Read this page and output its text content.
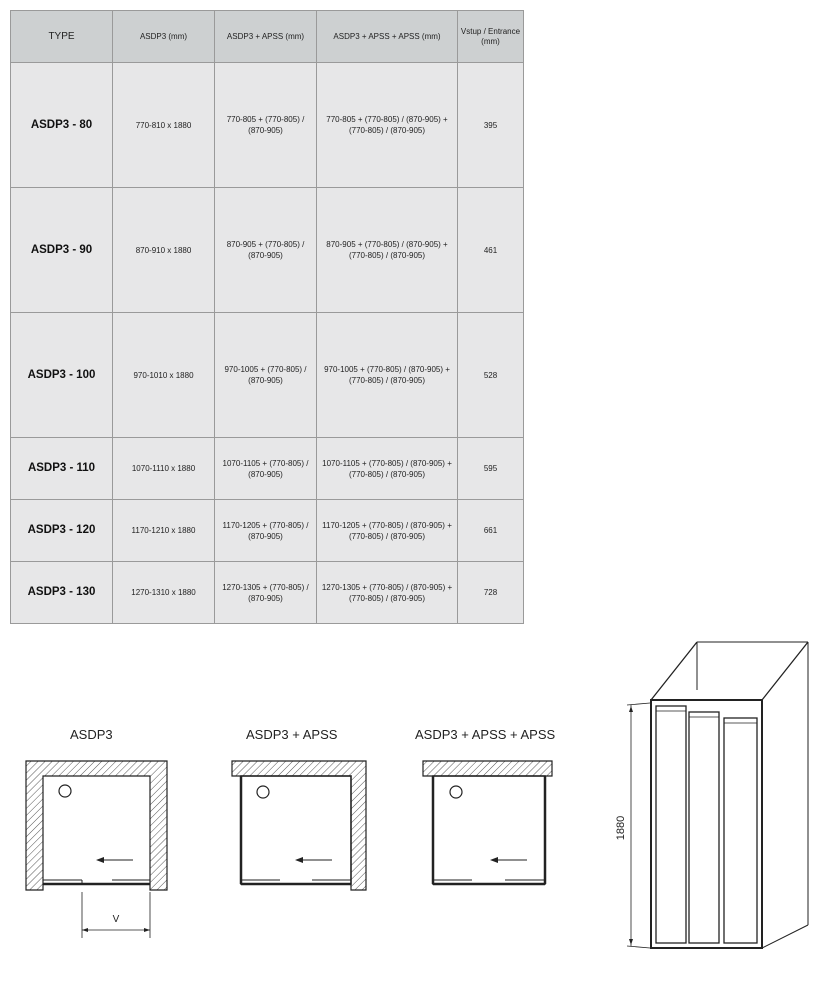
TYPE	ASDP3 (mm)	ASDP3 + APSS (mm)	ASDP3 + APSS + APSS (mm)	Vstup / Entrance (mm)
ASDP3 - 80	770-810 x 1880	770-805 + (770-805) / (870-905)	770-805 + (770-805) / (870-905) + (770-805) / (870-905)	395
ASDP3 - 90	870-910 x 1880	870-905 + (770-805) / (870-905)	870-905 + (770-805) / (870-905) + (770-805) / (870-905)	461
ASDP3 - 100	970-1010 x 1880	970-1005 + (770-805) / (870-905)	970-1005 + (770-805) / (870-905) + (770-805) / (870-905)	528
ASDP3 - 110	1070-1110 x 1880	1070-1105 + (770-805) / (870-905)	1070-1105 + (770-805) / (870-905) + (770-805) / (870-905)	595
ASDP3 - 120	1170-1210 x 1880	1170-1205 + (770-805) / (870-905)	1170-1205 + (770-805) / (870-905) + (770-805) / (870-905)	661
ASDP3 - 130	1270-1310 x 1880	1270-1305 + (770-805) / (870-905)	1270-1305 + (770-805) / (870-905) + (770-805) / (870-905)	728
ASDP3	ASDP3 + APSS	ASDP3 + APSS + APSS
V
1880
